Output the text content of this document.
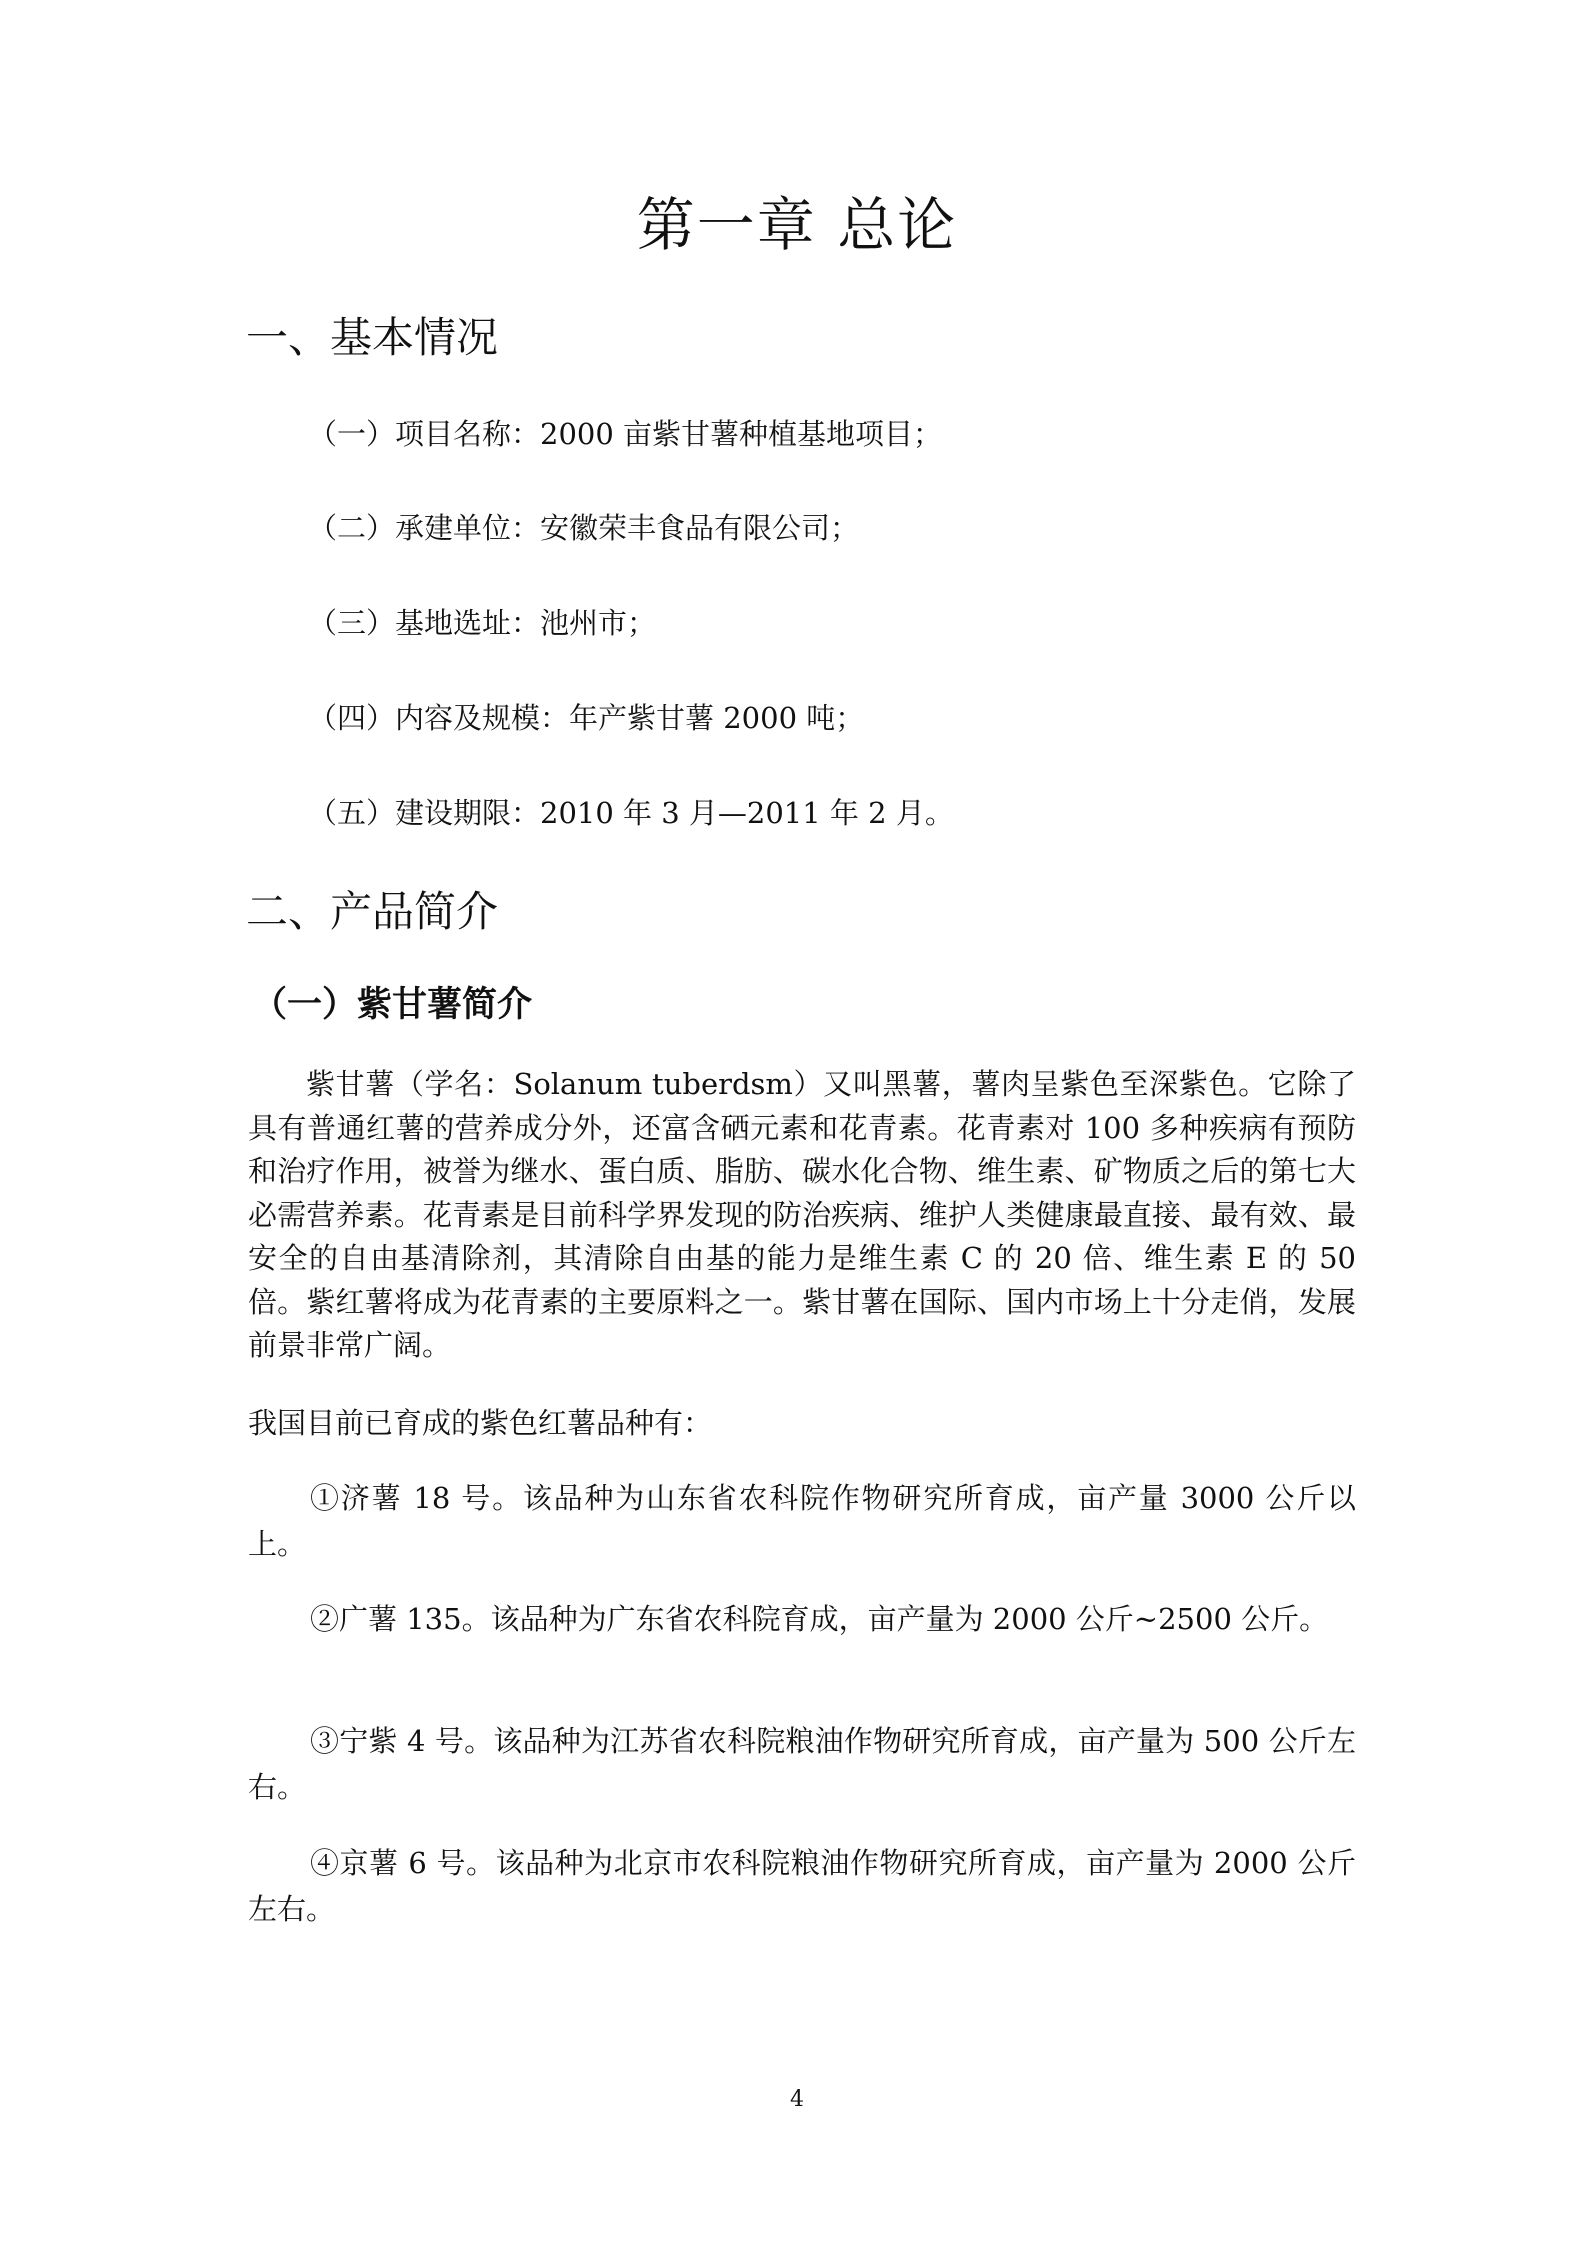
第一章 总论
一、基本情况
（一）项目名称：2000 亩紫甘薯种植基地项目；
（二）承建单位：安徽荣丰食品有限公司；
（三）基地选址：池州市；
（四）内容及规模：年产紫甘薯 2000 吨；
（五）建设期限：2010 年 3 月—2011 年 2 月。
二、产品简介
（一）紫甘薯简介

紫甘薯（学名：Solanum tuberdsm）又叫黑薯，薯肉呈紫色至深紫色。它除了具有普通红薯的营养成分外，还富含硒元素和花青素。花青素对 100 多种疾病有预防和治疗作用，被誉为继水、蛋白质、脂肪、碳水化合物、维生素、矿物质之后的第七大必需营养素。花青素是目前科学界发现的防治疾病、维护人类健康最直接、最有效、最安全的自由基清除剂，其清除自由基的能力是维生素 C 的 20 倍、维生素 E 的 50 倍。紫红薯将成为花青素的主要原料之一。紫甘薯在国际、国内市场上十分走俏，发展前景非常广阔。

我国目前已育成的紫色红薯品种有：

①济薯 18 号。该品种为山东省农科院作物研究所育成，亩产量 3000 公斤以上。

②广薯 135。该品种为广东省农科院育成，亩产量为 2000 公斤~2500 公斤。

③宁紫 4 号。该品种为江苏省农科院粮油作物研究所育成，亩产量为 500 公斤左右。

④京薯 6 号。该品种为北京市农科院粮油作物研究所育成，亩产量为 2000 公斤左右。

4
